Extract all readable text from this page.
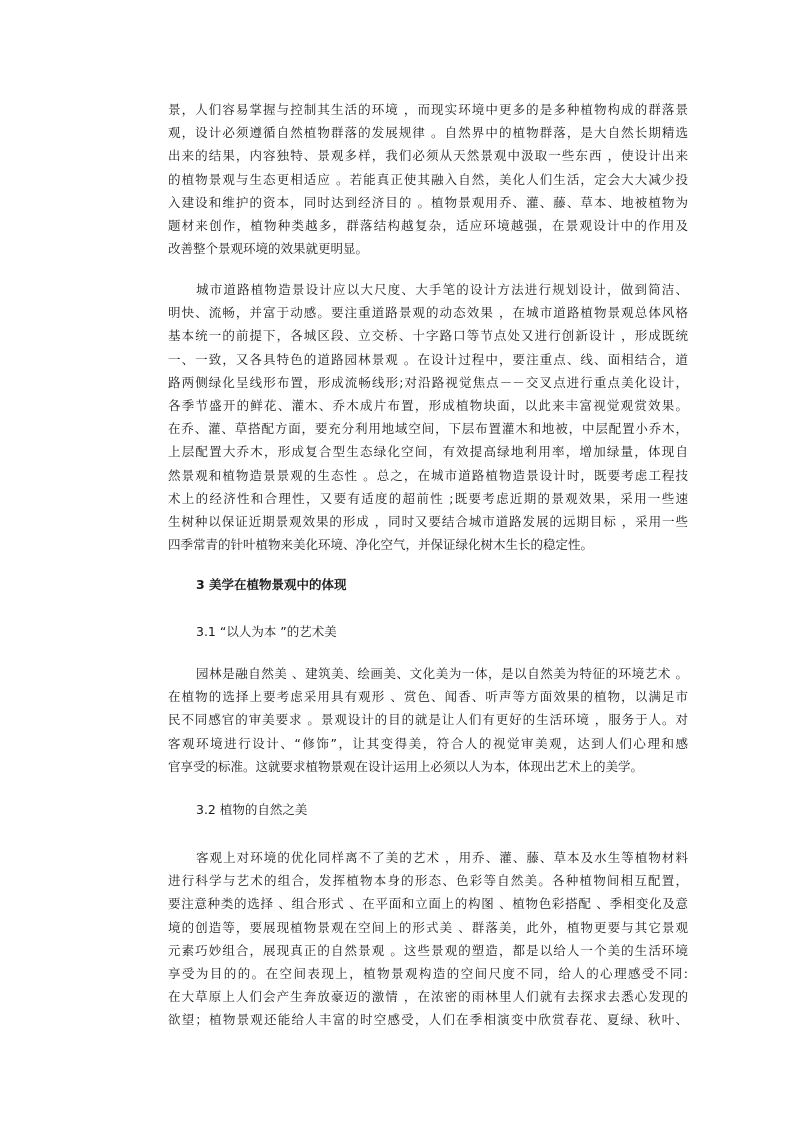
景，人们容易掌握与控制其生活的环境 ，而现实环境中更多的是多种植物构成的群落景
观，设计必须遵循自然植物群落的发展规律 。自然界中的植物群落，是大自然长期精选
出来的结果，内容独特、景观多样，我们必须从天然景观中汲取一些东西 ，使设计出来
的植物景观与生态更相适应 。若能真正使其融入自然，美化人们生活，定会大大减少投
入建设和维护的资本，同时达到经济目的 。植物景观用乔、灌、藤、草本、地被植物为
题材来创作，植物种类越多，群落结构越复杂，适应环境越强，在景观设计中的作用及
改善整个景观环境的效果就更明显。
城市道路植物造景设计应以大尺度、大手笔的设计方法进行规划设计，做到简洁、
明快、流畅，并富于动感。要注重道路景观的动态效果 ，在城市道路植物景观总体风格
基本统一的前提下，各城区段、立交桥、十字路口等节点处又进行创新设计 ，形成既统
一、一致，又各具特色的道路园林景观 。在设计过程中，要注重点、线、面相结合，道
路两侧绿化呈线形布置，形成流畅线形;对沿路视觉焦点－－交叉点进行重点美化设计，
各季节盛开的鲜花、灌木、乔木成片布置，形成植物块面，以此来丰富视觉观赏效果。
在乔、灌、草搭配方面，要充分利用地域空间，下层布置灌木和地被，中层配置小乔木，
上层配置大乔木，形成复合型生态绿化空间，有效提高绿地利用率，增加绿量，体现自
然景观和植物造景景观的生态性 。总之，在城市道路植物造景设计时，既要考虑工程技
术上的经济性和合理性，又要有适度的超前性 ;既要考虑近期的景观效果，采用一些速
生树种以保证近期景观效果的形成 ，同时又要结合城市道路发展的远期目标 ，采用一些
四季常青的针叶植物来美化环境、净化空气，并保证绿化树木生长的稳定性。
3 美学在植物景观中的体现
3.1 “以人为本 ”的艺术美
园林是融自然美 、建筑美、绘画美、文化美为一体，是以自然美为特征的环境艺术 。
在植物的选择上要考虑采用具有观形 、赏色、闻香、听声等方面效果的植物，以满足市
民不同感官的审美要求 。景观设计的目的就是让人们有更好的生活环境 ，服务于人。对
客观环境进行设计、“修饰”，让其变得美，符合人的视觉审美观，达到人们心理和感
官享受的标准。这就要求植物景观在设计运用上必须以人为本，体现出艺术上的美学。
3.2 植物的自然之美
客观上对环境的优化同样离不了美的艺术 ，用乔、灌、藤、草本及水生等植物材料
进行科学与艺术的组合，发挥植物本身的形态、色彩等自然美。各种植物间相互配置，
要注意种类的选择 、组合形式 、在平面和立面上的构图 、植物色彩搭配 、季相变化及意
境的创造等，要展现植物景观在空间上的形式美 、群落美，此外，植物更要与其它景观
元素巧妙组合，展现真正的自然景观 。这些景观的塑造，都是以给人一个美的生活环境
享受为目的的。在空间表现上，植物景观构造的空间尺度不同，给人的心理感受不同:
在大草原上人们会产生奔放豪迈的激情 ，在浓密的雨林里人们就有去探求去悉心发现的
欲望；植物景观还能给人丰富的时空感受，人们在季相演变中欣赏春花、夏绿、秋叶、
